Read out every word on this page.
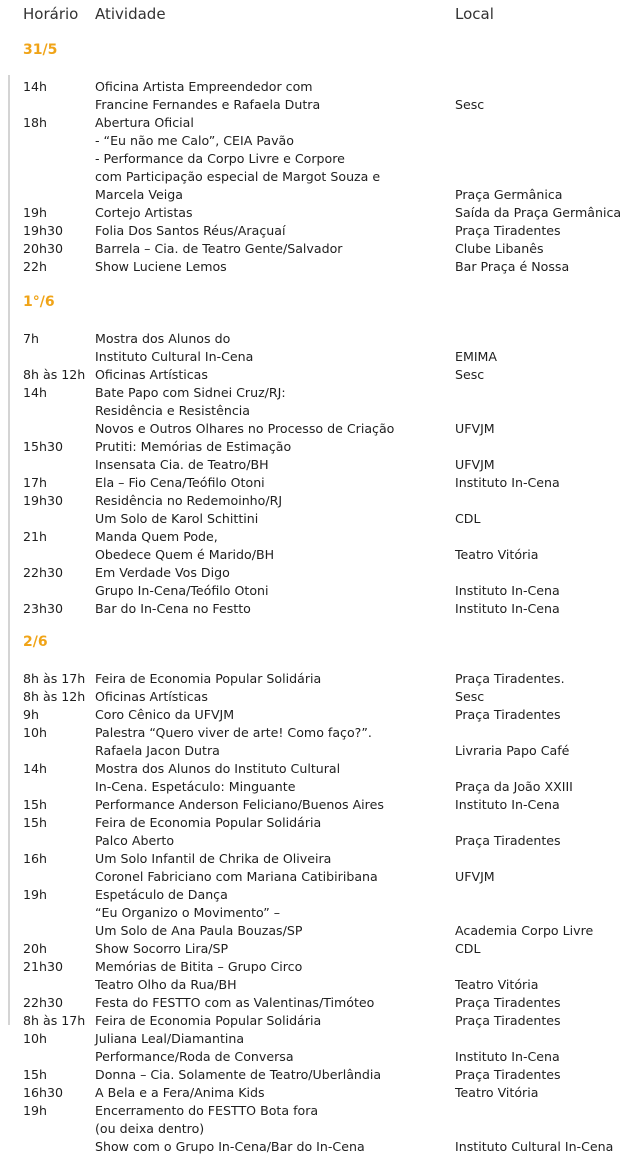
Horário Atividade	Local
31/5
14h	Oficina Artista Empreendedor com
Francine Fernandes e Rafaela Dutra	Sesc
18h	Abertura Oficial
- “Eu não me Calo”, CEIA Pavão
- Performance da Corpo Livre e Corpore
com Participação especial de Margot Souza e
Marcela Veiga	Praça Germânica
19h	Cortejo Artistas	Saída da Praça Germânica
19h30	Folia Dos Santos Réus/Araçuaí	Praça Tiradentes
20h30	Barrela – Cia. de Teatro Gente/Salvador	Clube Libanês
22h	Show Luciene Lemos	Bar Praça é Nossa
1°/6
7h	Mostra dos Alunos do
Instituto Cultural In-Cena	EMIMA
8h às 12h Oficinas Artísticas	Sesc
14h	Bate Papo com Sidnei Cruz/RJ:
Residência e Resistência
Novos e Outros Olhares no Processo de Criação	UFVJM
15h30	Prutiti: Memórias de Estimação
Insensata Cia. de Teatro/BH	UFVJM
17h	Ela – Fio Cena/Teófilo Otoni	Instituto In-Cena
19h30	Residência no Redemoinho/RJ
Um Solo de Karol Schittini	CDL
21h	Manda Quem Pode,
Obedece Quem é Marido/BH	Teatro Vitória
22h30	Em Verdade Vos Digo
Grupo In-Cena/Teófilo Otoni	Instituto In-Cena
23h30	Bar do In-Cena no Festto	Instituto In-Cena
2/6
8h às 17h Feira de Economia Popular Solidária	Praça Tiradentes.
8h às 12h Oficinas Artísticas	Sesc
9h	Coro Cênico da UFVJM	Praça Tiradentes
10h	Palestra “Quero viver de arte! Como faço?”.
Rafaela Jacon Dutra	Livraria Papo Café
14h	Mostra dos Alunos do Instituto Cultural
In-Cena. Espetáculo: Minguante	Praça da João XXIII
15h	Performance Anderson Feliciano/Buenos Aires	Instituto In-Cena
15h	Feira de Economia Popular Solidária
Palco Aberto	Praça Tiradentes
16h	Um Solo Infantil de Chrika de Oliveira
Coronel Fabriciano com Mariana Catibiribana	UFVJM
19h	Espetáculo de Dança
“Eu Organizo o Movimento” –
Um Solo de Ana Paula Bouzas/SP	Academia Corpo Livre
20h	Show Socorro Lira/SP	CDL
21h30	Memórias de Bitita – Grupo Circo
Teatro Olho da Rua/BH	Teatro Vitória
22h30	Festa do FESTTO com as Valentinas/Timóteo	Praça Tiradentes
8h às 17h Feira de Economia Popular Solidária	Praça Tiradentes
10h	Juliana Leal/Diamantina
Performance/Roda de Conversa	Instituto In-Cena
15h	Donna – Cia. Solamente de Teatro/Uberlândia	Praça Tiradentes
16h30	A Bela e a Fera/Anima Kids	Teatro Vitória
19h	Encerramento do FESTTO Bota fora
(ou deixa dentro)
Show com o Grupo In-Cena/Bar do In-Cena	Instituto Cultural In-Cena
